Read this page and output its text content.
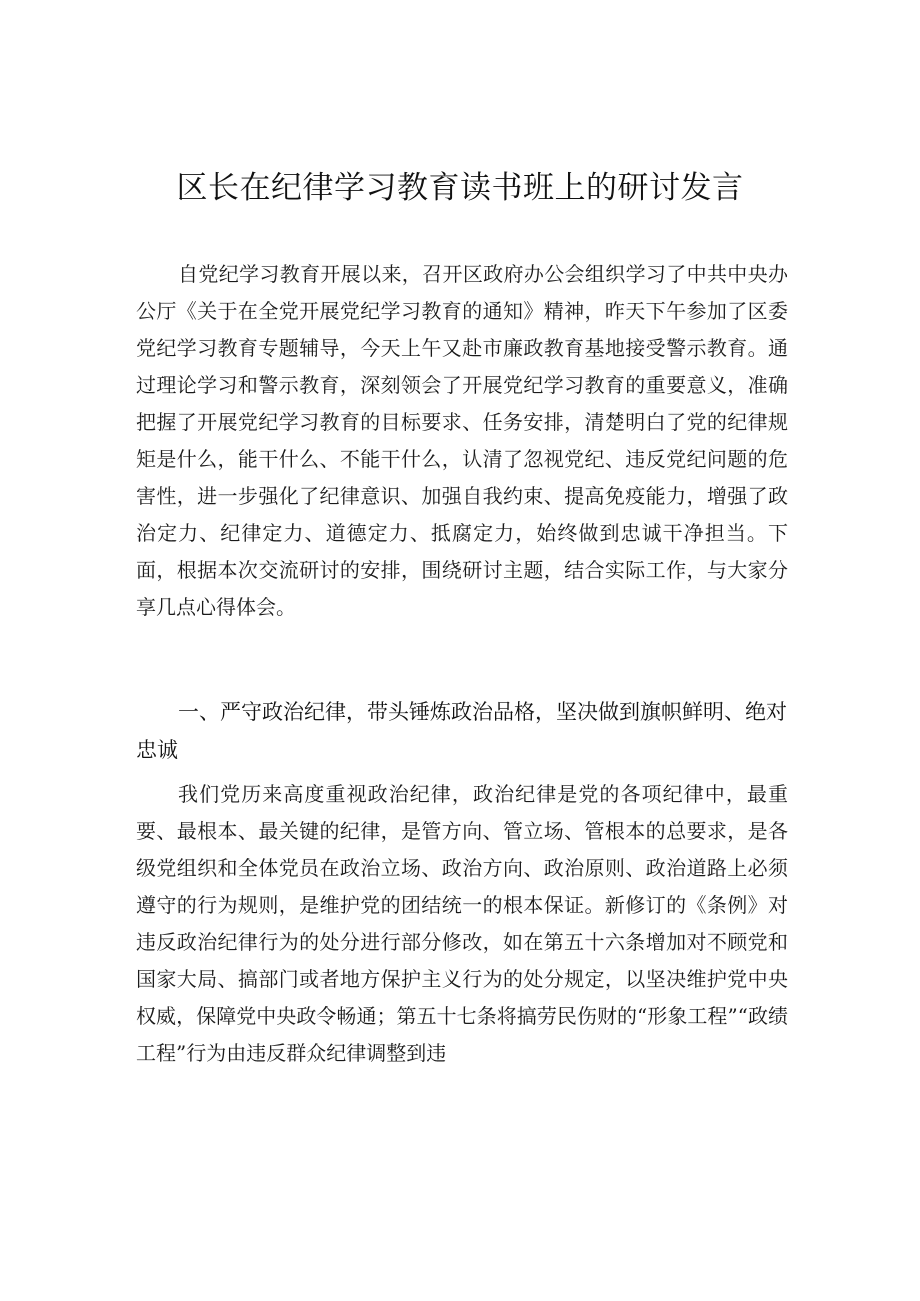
区长在纪律学习教育读书班上的研讨发言

自党纪学习教育开展以来，召开区政府办公会组织学习了中共中央办公厅《关于在全党开展党纪学习教育的通知》精神，昨天下午参加了区委党纪学习教育专题辅导，今天上午又赴市廉政教育基地接受警示教育。通过理论学习和警示教育，深刻领会了开展党纪学习教育的重要意义，准确把握了开展党纪学习教育的目标要求、任务安排，清楚明白了党的纪律规矩是什么，能干什么、不能干什么，认清了忽视党纪、违反党纪问题的危害性，进一步强化了纪律意识、加强自我约束、提高免疫能力，增强了政治定力、纪律定力、道德定力、抵腐定力，始终做到忠诚干净担当。下面，根据本次交流研讨的安排，围绕研讨主题，结合实际工作，与大家分享几点心得体会。

一、严守政治纪律，带头锤炼政治品格，坚决做到旗帜鲜明、绝对忠诚

我们党历来高度重视政治纪律，政治纪律是党的各项纪律中，最重要、最根本、最关键的纪律，是管方向、管立场、管根本的总要求，是各级党组织和全体党员在政治立场、政治方向、政治原则、政治道路上必须遵守的行为规则，是维护党的团结统一的根本保证。新修订的《条例》对违反政治纪律行为的处分进行部分修改，如在第五十六条增加对不顾党和国家大局、搞部门或者地方保护主义行为的处分规定，以坚决维护党中央权威，保障党中央政令畅通；第五十七条将搞劳民伤财的“形象工程”“政绩工程”行为由违反群众纪律调整到违
